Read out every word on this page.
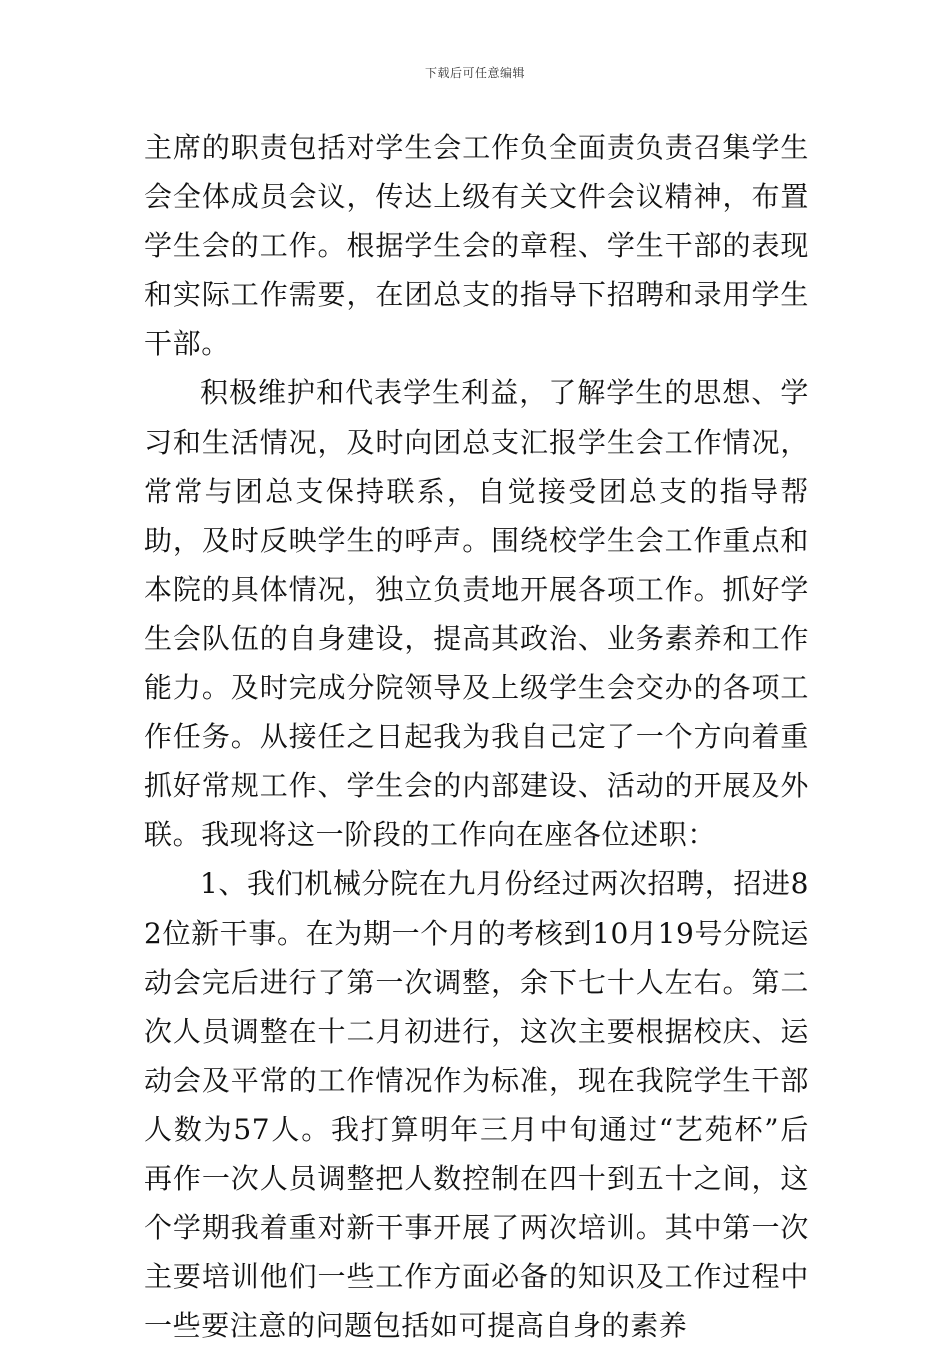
下载后可任意编辑

主席的职责包括对学生会工作负全面责负责召集学生会全体成员会议，传达上级有关文件会议精神，布置学生会的工作。根据学生会的章程、学生干部的表现和实际工作需要，在团总支的指导下招聘和录用学生干部。

积极维护和代表学生利益，了解学生的思想、学习和生活情况，及时向团总支汇报学生会工作情况，常常与团总支保持联系，自觉接受团总支的指导帮助，及时反映学生的呼声。围绕校学生会工作重点和本院的具体情况，独立负责地开展各项工作。抓好学生会队伍的自身建设，提高其政治、业务素养和工作能力。及时完成分院领导及上级学生会交办的各项工作任务。从接任之日起我为我自己定了一个方向着重抓好常规工作、学生会的内部建设、活动的开展及外联。我现将这一阶段的工作向在座各位述职：

1、我们机械分院在九月份经过两次招聘，招进82位新干事。在为期一个月的考核到10月19号分院运动会完后进行了第一次调整，余下七十人左右。第二次人员调整在十二月初进行，这次主要根据校庆、运动会及平常的工作情况作为标准，现在我院学生干部人数为57人。我打算明年三月中旬通过“艺苑杯”后再作一次人员调整把人数控制在四十到五十之间，这个学期我着重对新干事开展了两次培训。其中第一次主要培训他们一些工作方面必备的知识及工作过程中一些要注意的问题包括如可提高自身的素养
